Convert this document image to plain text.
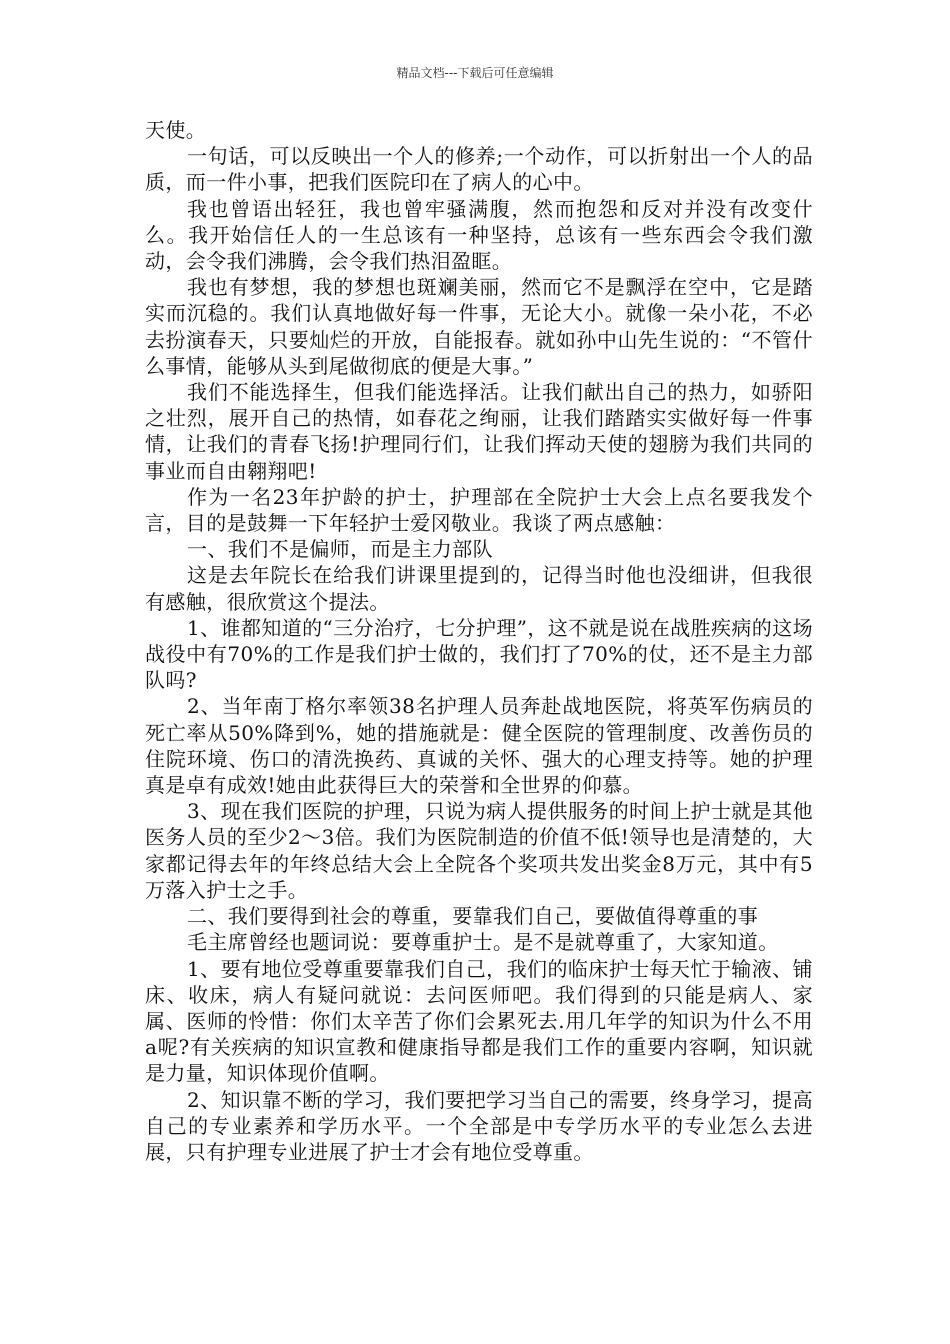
精品文档---下载后可任意编辑

天使。

一句话，可以反映出一个人的修养;一个动作，可以折射出一个人的品质，而一件小事，把我们医院印在了病人的心中。

我也曾语出轻狂，我也曾牢骚满腹，然而抱怨和反对并没有改变什么。我开始信任人的一生总该有一种坚持，总该有一些东西会令我们激动，会令我们沸腾，会令我们热泪盈眶。

我也有梦想，我的梦想也斑斓美丽，然而它不是飘浮在空中，它是踏实而沉稳的。我们认真地做好每一件事，无论大小。就像一朵小花，不必去扮演春天，只要灿烂的开放，自能报春。就如孙中山先生说的：“不管什么事情，能够从头到尾做彻底的便是大事。”

我们不能选择生，但我们能选择活。让我们献出自己的热力，如骄阳之壮烈，展开自己的热情，如春花之绚丽，让我们踏踏实实做好每一件事情，让我们的青春飞扬!护理同行们，让我们挥动天使的翅膀为我们共同的事业而自由翱翔吧!

作为一名23年护龄的护士，护理部在全院护士大会上点名要我发个言，目的是鼓舞一下年轻护士爱冈敬业。我谈了两点感触：

一、我们不是偏师，而是主力部队

这是去年院长在给我们讲课里提到的，记得当时他也没细讲，但我很有感触，很欣赏这个提法。

1、谁都知道的“三分治疗，七分护理”，这不就是说在战胜疾病的这场战役中有70%的工作是我们护士做的，我们打了70%的仗，还不是主力部队吗?

2、当年南丁格尔率领38名护理人员奔赴战地医院，将英军伤病员的死亡率从50%降到%，她的措施就是：健全医院的管理制度、改善伤员的住院环境、伤口的清洗换药、真诚的关怀、强大的心理支持等。她的护理真是卓有成效!她由此获得巨大的荣誉和全世界的仰慕。

3、现在我们医院的护理，只说为病人提供服务的时间上护士就是其他医务人员的至少2～3倍。我们为医院制造的价值不低!领导也是清楚的，大家都记得去年的年终总结大会上全院各个奖项共发出奖金8万元，其中有5万落入护士之手。

二、我们要得到社会的尊重，要靠我们自己，要做值得尊重的事

毛主席曾经也题词说：要尊重护士。是不是就尊重了，大家知道。

1、要有地位受尊重要靠我们自己，我们的临床护士每天忙于输液、铺床、收床，病人有疑问就说：去问医师吧。我们得到的只能是病人、家属、医师的怜惜：你们太辛苦了你们会累死去.用几年学的知识为什么不用a呢?有关疾病的知识宣教和健康指导都是我们工作的重要内容啊，知识就是力量，知识体现价值啊。

2、知识靠不断的学习，我们要把学习当自己的需要，终身学习，提高自己的专业素养和学历水平。一个全部是中专学历水平的专业怎么去进展，只有护理专业进展了护士才会有地位受尊重。
